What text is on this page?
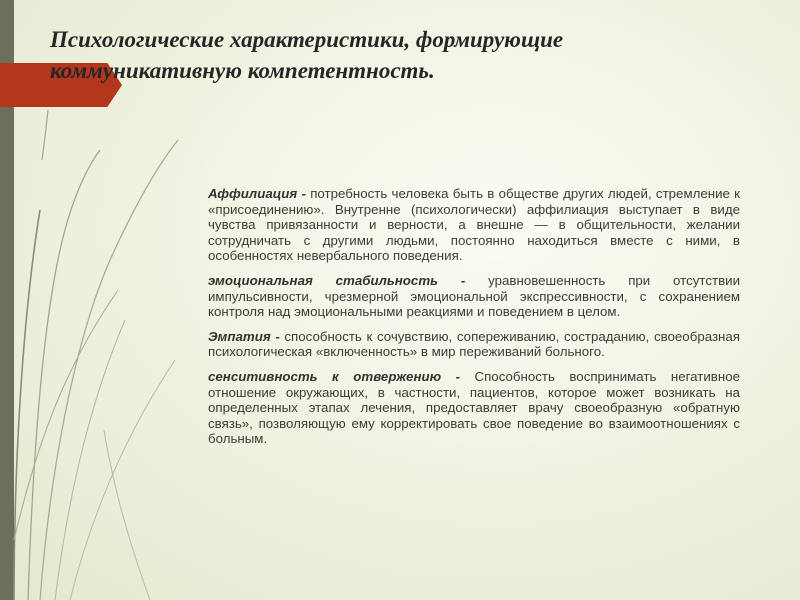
Психологические характеристики, формирующие коммуникативную компетентность.
Аффилиация - потребность человека быть в обществе других людей, стремление к «присоединению». Внутренне (психологически) аффилиация выступает в виде чувства привязанности и верности, а внешне — в общительности, желании сотрудничать с другими людьми, постоянно находиться вместе с ними, в особенностях невербального поведения.
эмоциональная стабильность - уравновешенность при отсутствии импульсивности, чрезмерной эмоциональной экспрессивности, с сохранением контроля над эмоциональными реакциями и поведением в целом.
Эмпатия - способность к сочувствию, сопереживанию, состраданию, своеобразная психологическая «включенность» в мир переживаний больного.
сенситивность к отвержению - Способность воспринимать негативное отношение окружающих, в частности, пациентов, которое может возникать на определенных этапах лечения, предоставляет врачу своеобразную «обратную связь», позволяющую ему корректировать свое поведение во взаимоотношениях с больным.
